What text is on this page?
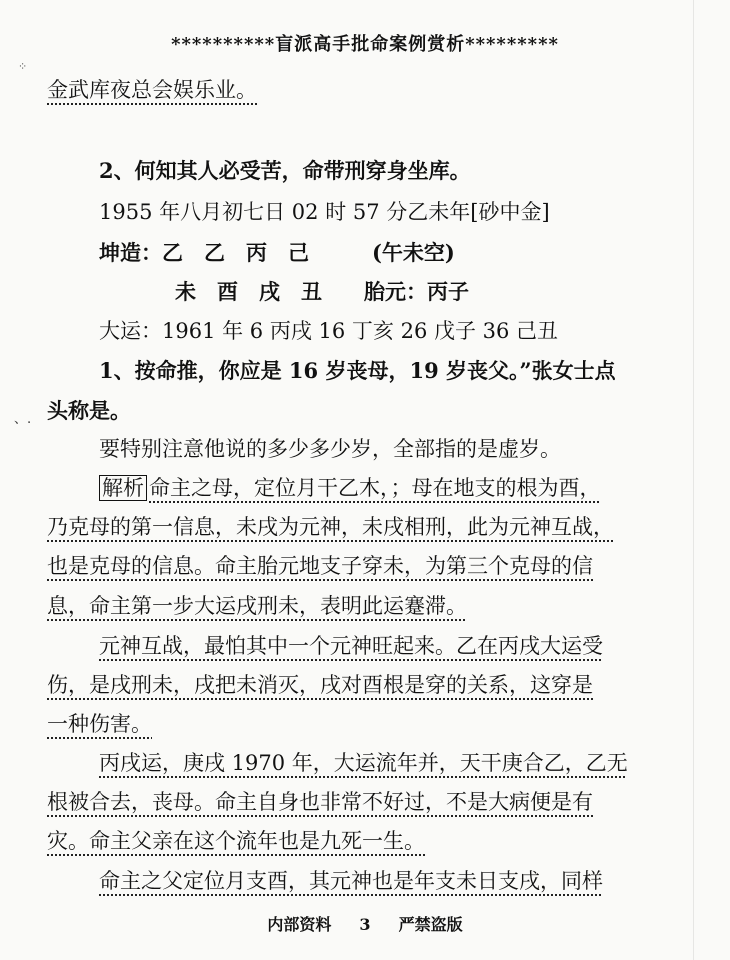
⁘
、.
**********盲派高手批命案例赏析*********
金武库夜总会娱乐业。
2、何知其人必受苦，命带刑穿身坐库。
1955 年八月初七日 02 时 57 分乙未年[砂中金]
坤造：乙　乙　丙　己　　　(午未空)
未　酉　戌　丑　　胎元：丙子
大运：1961 年 6 丙戌 16 丁亥 26 戊子 36 己丑
1、按命推，你应是 16 岁丧母，19 岁丧父。”张女士点
头称是。
要特别注意他说的多少多少岁，全部指的是虚岁。
解析 命主之母，定位月干乙木，；母在地支的根为酉，
乃克母的第一信息，未戌为元神，未戌相刑，此为元神互战，
也是克母的信息。命主胎元地支子穿未，为第三个克母的信
息，命主第一步大运戌刑未，表明此运蹇滞。
元神互战，最怕其中一个元神旺起来。乙在丙戌大运受
伤，是戌刑未，戌把未消灭，戌对酉根是穿的关系，这穿是
一种伤害。
丙戌运，庚戌 1970 年，大运流年并，天干庚合乙，乙无
根被合去，丧母。命主自身也非常不好过，不是大病便是有
灾。命主父亲在这个流年也是九死一生。
命主之父定位月支酉，其元神也是年支未日支戌，同样
内部资料 3 严禁盗版
